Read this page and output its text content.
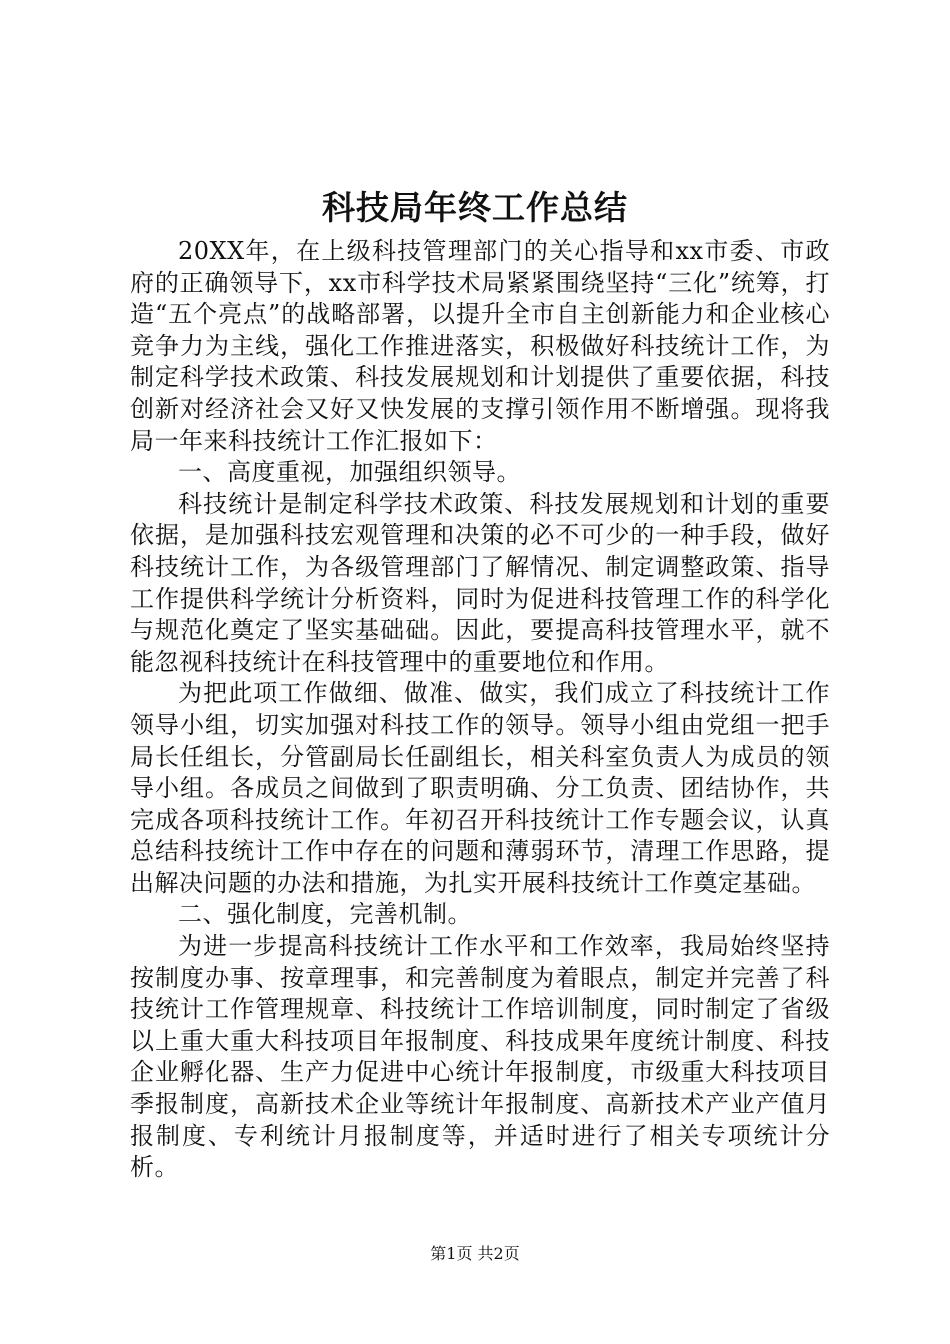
科技局年终工作总结

20XX年，在上级科技管理部门的关心指导和xx市委、市政府的正确领导下，xx市科学技术局紧紧围绕坚持“三化”统筹，打造“五个亮点”的战略部署，以提升全市自主创新能力和企业核心竞争力为主线，强化工作推进落实，积极做好科技统计工作，为制定科学技术政策、科技发展规划和计划提供了重要依据，科技创新对经济社会又好又快发展的支撑引领作用不断增强。现将我局一年来科技统计工作汇报如下：

一、高度重视，加强组织领导。

科技统计是制定科学技术政策、科技发展规划和计划的重要依据，是加强科技宏观管理和决策的必不可少的一种手段，做好科技统计工作，为各级管理部门了解情况、制定调整政策、指导工作提供科学统计分析资料，同时为促进科技管理工作的科学化与规范化奠定了坚实基础础。因此，要提高科技管理水平，就不能忽视科技统计在科技管理中的重要地位和作用。

为把此项工作做细、做准、做实，我们成立了科技统计工作领导小组，切实加强对科技工作的领导。领导小组由党组一把手局长任组长，分管副局长任副组长，相关科室负责人为成员的领导小组。各成员之间做到了职责明确、分工负责、团结协作，共完成各项科技统计工作。年初召开科技统计工作专题会议，认真总结科技统计工作中存在的问题和薄弱环节，清理工作思路，提出解决问题的办法和措施，为扎实开展科技统计工作奠定基础。

二、强化制度，完善机制。

为进一步提高科技统计工作水平和工作效率，我局始终坚持按制度办事、按章理事，和完善制度为着眼点，制定并完善了科技统计工作管理规章、科技统计工作培训制度，同时制定了省级以上重大重大科技项目年报制度、科技成果年度统计制度、科技企业孵化器、生产力促进中心统计年报制度，市级重大科技项目季报制度，高新技术企业等统计年报制度、高新技术产业产值月报制度、专利统计月报制度等，并适时进行了相关专项统计分析。

第1页 共2页
